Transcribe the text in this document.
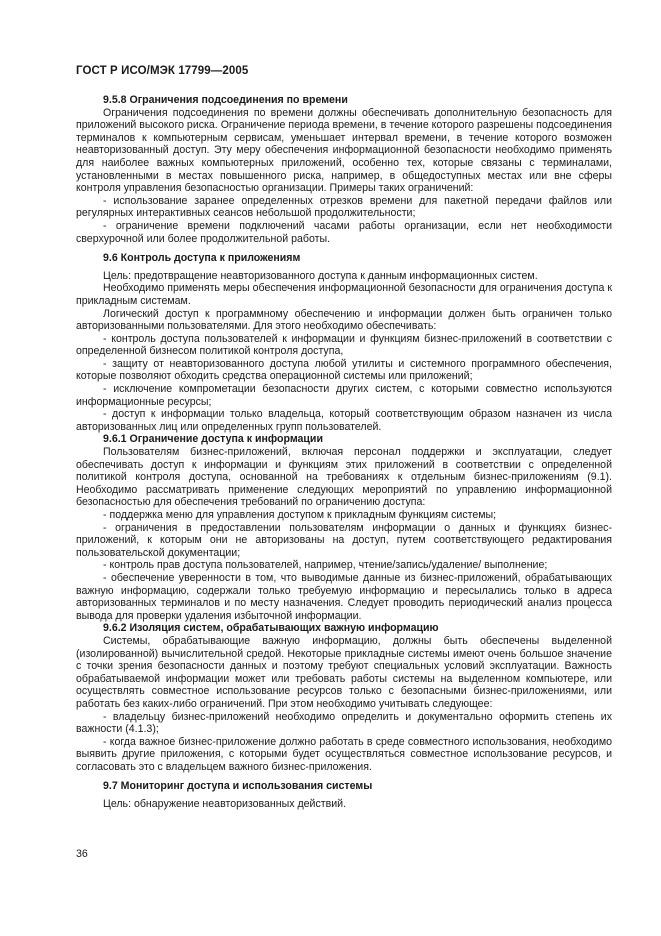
ГОСТ Р ИСО/МЭК 17799—2005
9.5.8 Ограничения подсоединения по времени

Ограничения подсоединения по времени должны обеспечивать дополнительную безопасность для приложений высокого риска. Ограничение периода времени, в течение которого разрешены подсоединения терминалов к компьютерным сервисам, уменьшает интервал времени, в течение которого возможен неавторизованный доступ. Эту меру обеспечения информационной безопасности необходимо применять для наиболее важных компьютерных приложений, особенно тех, которые связаны с терминалами, установленными в местах повышенного риска, например, в общедоступных местах или вне сферы контроля управления безопасностью организации. Примеры таких ограничений:

- использование заранее определенных отрезков времени для пакетной передачи файлов или регулярных интерактивных сеансов небольшой продолжительности;

- ограничение времени подключений часами работы организации, если нет необходимости сверхурочной или более продолжительной работы.

9.6 Контроль доступа к приложениям

Цель: предотвращение неавторизованного доступа к данным информационных систем.

Необходимо применять меры обеспечения информационной безопасности для ограничения доступа к прикладным системам.

Логический доступ к программному обеспечению и информации должен быть ограничен только авторизованными пользователями. Для этого необходимо обеспечивать:

- контроль доступа пользователей к информации и функциям бизнес-приложений в соответствии с определенной бизнесом политикой контроля доступа,

- защиту от неавторизованного доступа любой утилиты и системного программного обеспечения, которые позволяют обходить средства операционной системы или приложений;

- исключение компрометации безопасности других систем, с которыми совместно используются информационные ресурсы;

- доступ к информации только владельца, который соответствующим образом назначен из числа авторизованных лиц или определенных групп пользователей.

9.6.1 Ограничение доступа к информации

Пользователям бизнес-приложений, включая персонал поддержки и эксплуатации, следует обеспечивать доступ к информации и функциям этих приложений в соответствии с определенной политикой контроля доступа, основанной на требованиях к отдельным бизнес-приложениям (9.1). Необходимо рассматривать применение следующих мероприятий по управлению информационной безопасностью для обеспечения требований по ограничению доступа:

- поддержка меню для управления доступом к прикладным функциям системы;

- ограничения в предоставлении пользователям информации о данных и функциях бизнес-приложений, к которым они не авторизованы на доступ, путем соответствующего редактирования пользовательской документации;

- контроль прав доступа пользователей, например, чтение/запись/удаление/ выполнение;

- обеспечение уверенности в том, что выводимые данные из бизнес-приложений, обрабатывающих важную информацию, содержали только требуемую информацию и пересылались только в адреса авторизованных терминалов и по месту назначения. Следует проводить периодический анализ процесса вывода для проверки удаления избыточной информации.

9.6.2 Изоляция систем, обрабатывающих важную информацию

Системы, обрабатывающие важную информацию, должны быть обеспечены выделенной (изолированной) вычислительной средой. Некоторые прикладные системы имеют очень большое значение с точки зрения безопасности данных и поэтому требуют специальных условий эксплуатации. Важность обрабатываемой информации может или требовать работы системы на выделенном компьютере, или осуществлять совместное использование ресурсов только с безопасными бизнес-приложениями, или работать без каких-либо ограничений. При этом необходимо учитывать следующее:

- владельцу бизнес-приложений необходимо определить и документально оформить степень их важности (4.1.3);

- когда важное бизнес-приложение должно работать в среде совместного использования, необходимо выявить другие приложения, с которыми будет осуществляться совместное использование ресурсов, и согласовать это с владельцем важного бизнес-приложения.

9.7 Мониторинг доступа и использования системы

Цель: обнаружение неавторизованных действий.

36
